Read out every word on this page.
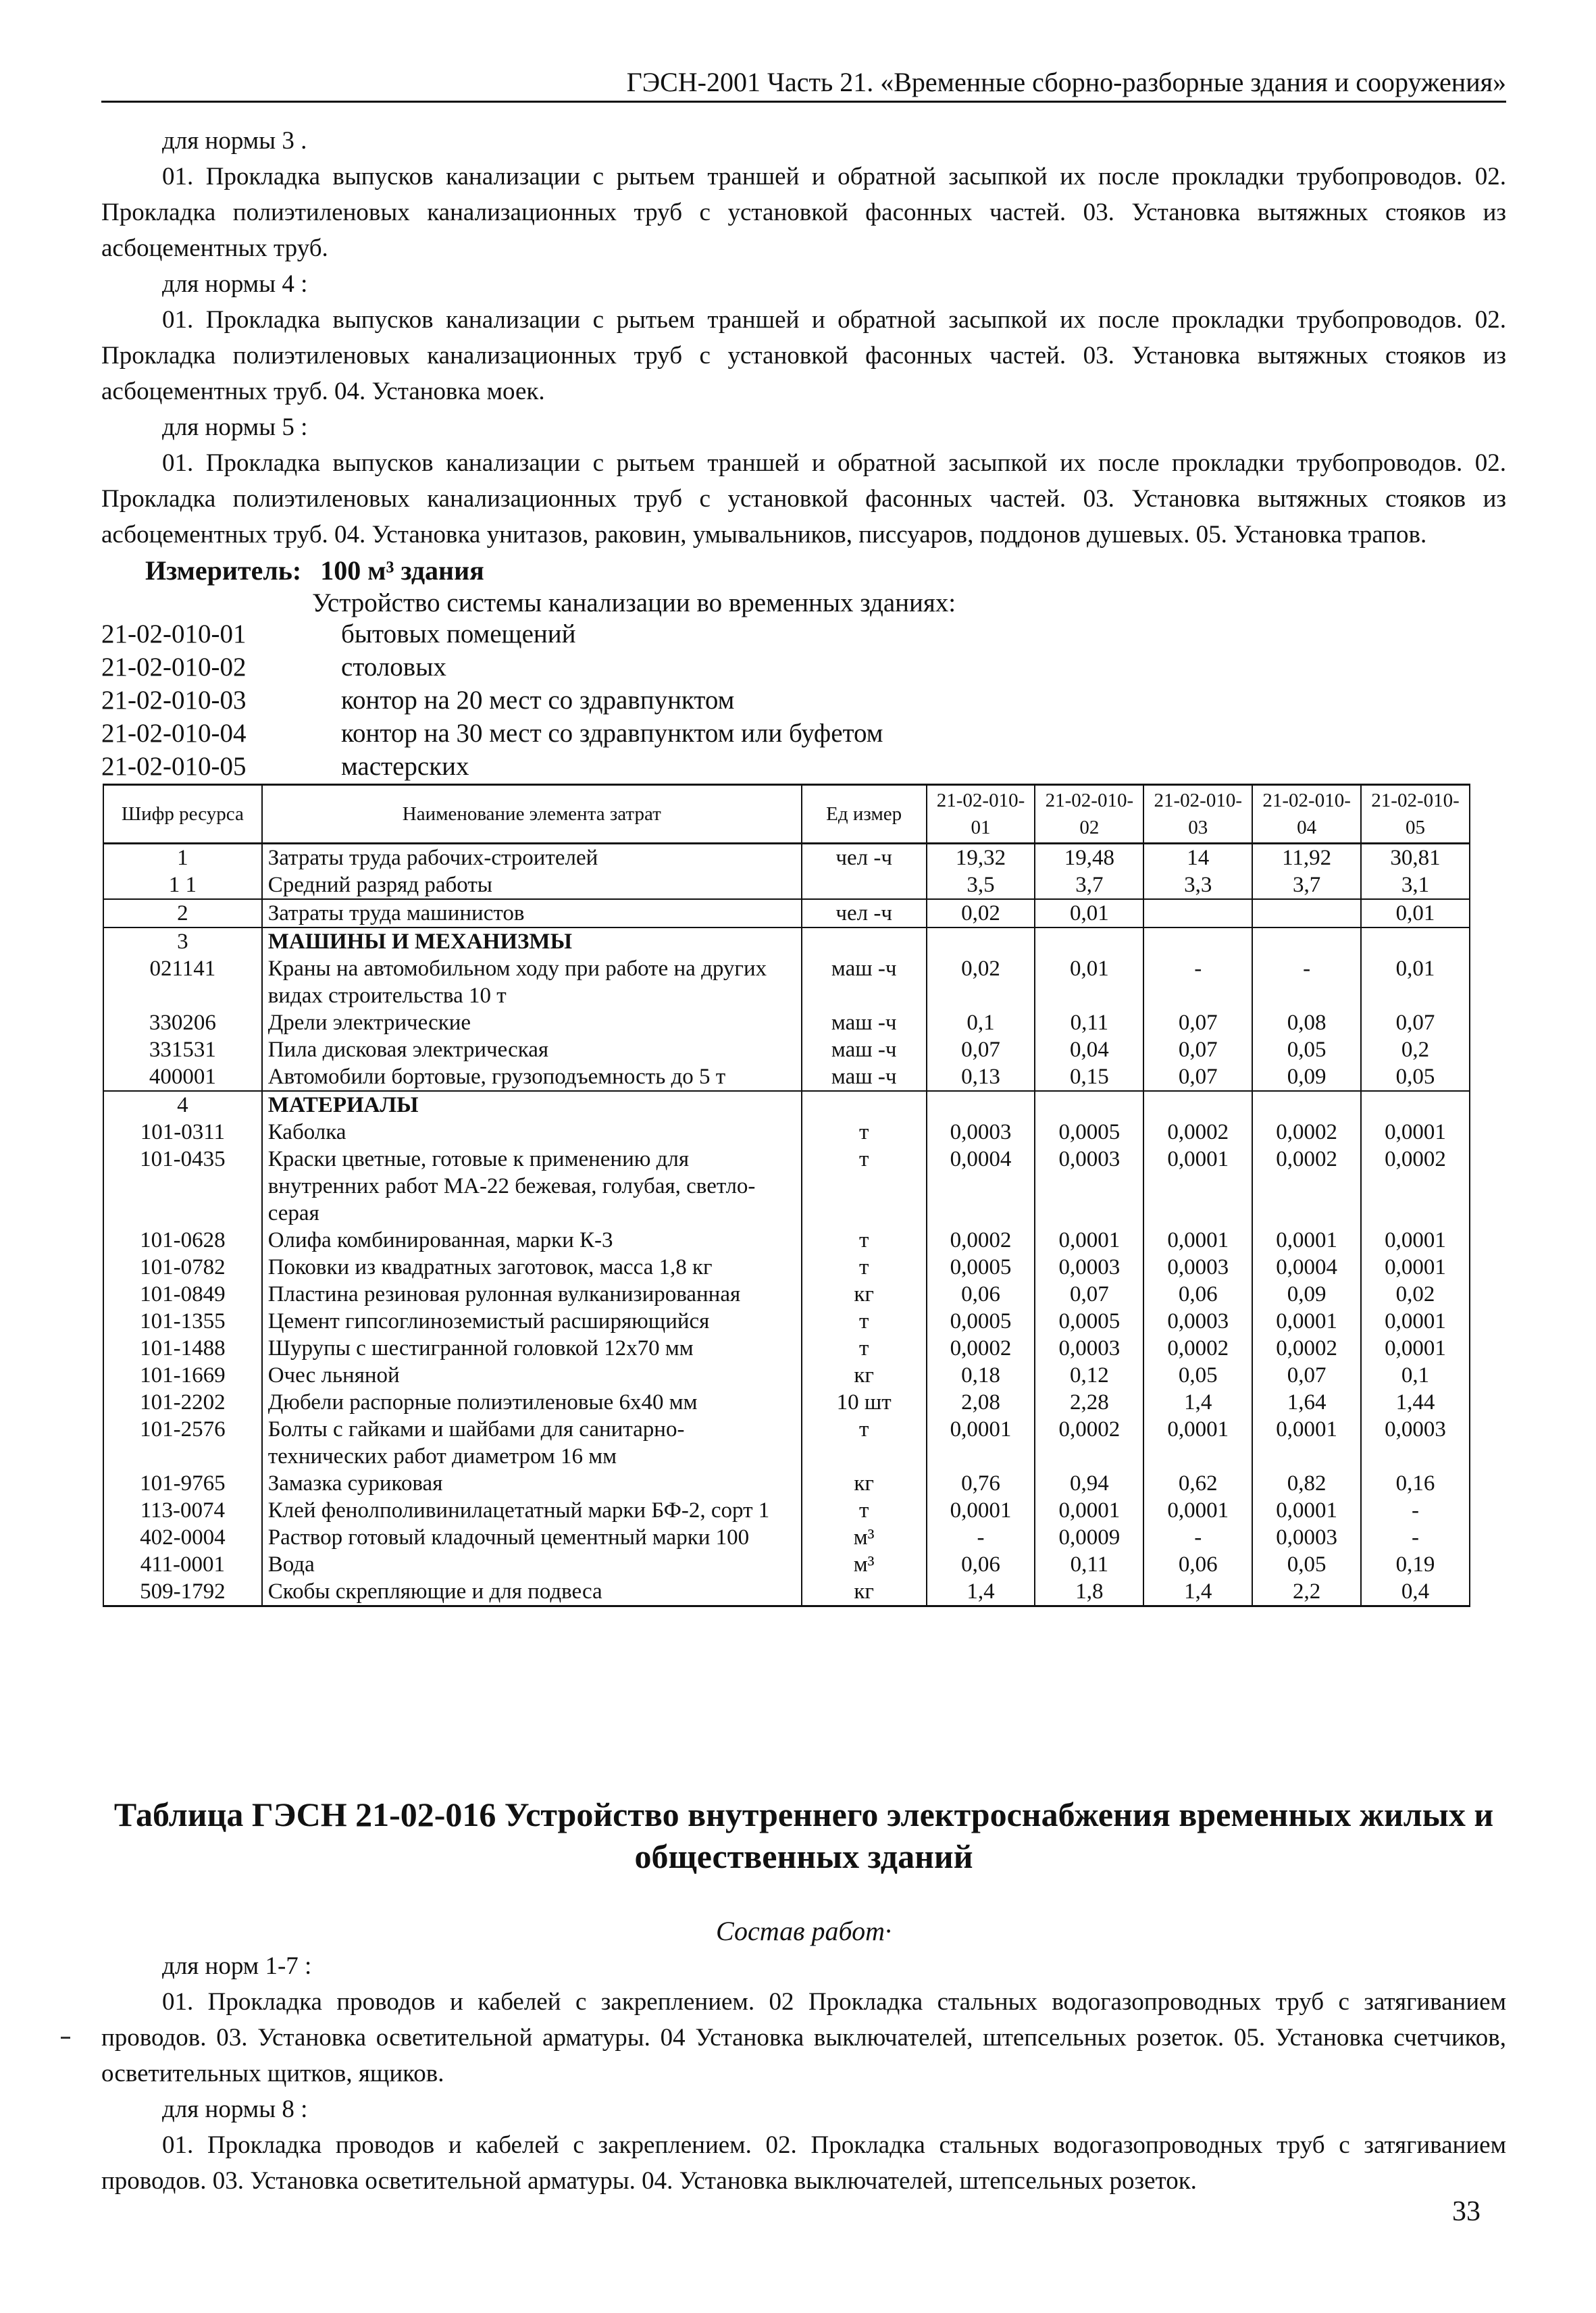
ГЭСН-2001 Часть 21. «Временные сборно-разборные здания и сооружения»
для нормы 3 .
01. Прокладка выпусков канализации с рытьем траншей и обратной засыпкой их после прокладки трубопроводов. 02. Прокладка полиэтиленовых канализационных труб с установкой фасонных частей. 03. Установка вытяжных стояков из асбоцементных труб.
для нормы 4 :
01. Прокладка выпусков канализации с рытьем траншей и обратной засыпкой их после прокладки трубопроводов. 02. Прокладка полиэтиленовых канализационных труб с установкой фасонных частей. 03. Установка вытяжных стояков из асбоцементных труб. 04. Установка моек.
для нормы 5 :
01. Прокладка выпусков канализации с рытьем траншей и обратной засыпкой их после прокладки трубопроводов. 02. Прокладка полиэтиленовых канализационных труб с установкой фасонных частей. 03. Установка вытяжных стояков из асбоцементных труб. 04. Установка унитазов, раковин, умывальников, писсуаров, поддонов душевых. 05. Установка трапов.
Измеритель: 100 м³ здания
Устройство системы канализации во временных зданиях:
21-02-010-01	бытовых помещений
21-02-010-02	столовых
21-02-010-03	контор на 20 мест со здравпунктом
21-02-010-04	контор на 30 мест со здравпунктом или буфетом
21-02-010-05	мастерских
Шифр ресурса	Наименование элемента затрат	Ед измер	21-02-010-01	21-02-010-02	21-02-010-03	21-02-010-04	21-02-010-05
1	Затраты труда рабочих-строителей	чел -ч	19,32	19,48	14	11,92	30,81
1 1	Средний разряд работы		3,5	3,7	3,3	3,7	3,1
2	Затраты труда машинистов	чел -ч	0,02	0,01			0,01
3	МАШИНЫ И МЕХАНИЗМЫ						
021141	Краны на автомобильном ходу при работе на других видах строительства 10 т	маш -ч	0,02	0,01	-	-	0,01
330206	Дрели электрические	маш -ч	0,1	0,11	0,07	0,08	0,07
331531	Пила дисковая электрическая	маш -ч	0,07	0,04	0,07	0,05	0,2
400001	Автомобили бортовые, грузоподъемность до 5 т	маш -ч	0,13	0,15	0,07	0,09	0,05
4	МАТЕРИАЛЫ						
101-0311	Каболка	т	0,0003	0,0005	0,0002	0,0002	0,0001
101-0435	Краски цветные, готовые к применению для внутренних работ МА-22 бежевая, голубая, светло-серая	т	0,0004	0,0003	0,0001	0,0002	0,0002
101-0628	Олифа комбинированная, марки К-3	т	0,0002	0,0001	0,0001	0,0001	0,0001
101-0782	Поковки из квадратных заготовок, масса 1,8 кг	т	0,0005	0,0003	0,0003	0,0004	0,0001
101-0849	Пластина резиновая рулонная вулканизированная	кг	0,06	0,07	0,06	0,09	0,02
101-1355	Цемент гипсоглиноземистый расширяющийся	т	0,0005	0,0005	0,0003	0,0001	0,0001
101-1488	Шурупы с шестигранной головкой 12х70 мм	т	0,0002	0,0003	0,0002	0,0002	0,0001
101-1669	Очес льняной	кг	0,18	0,12	0,05	0,07	0,1
101-2202	Дюбели распорные полиэтиленовые 6х40 мм	10 шт	2,08	2,28	1,4	1,64	1,44
101-2576	Болты с гайками и шайбами для санитарно-технических работ диаметром 16 мм	т	0,0001	0,0002	0,0001	0,0001	0,0003
101-9765	Замазка суриковая	кг	0,76	0,94	0,62	0,82	0,16
113-0074	Клей фенолполивинилацетатный марки БФ-2, сорт 1	т	0,0001	0,0001	0,0001	0,0001	-
402-0004	Раствор готовый кладочный цементный марки 100	м³	-	0,0009	-	0,0003	-
411-0001	Вода	м³	0,06	0,11	0,06	0,05	0,19
509-1792	Скобы скрепляющие и для подвеса	кг	1,4	1,8	1,4	2,2	0,4
Таблица ГЭСН 21-02-016 Устройство внутреннего электроснабжения временных жилых и общественных зданий
Состав работ·
для норм 1-7 :
01. Прокладка проводов и кабелей с закреплением. 02 Прокладка стальных водогазопроводных труб с затягиванием проводов. 03. Установка осветительной арматуры. 04 Установка выключателей, штепсельных розеток. 05. Установка счетчиков, осветительных щитков, ящиков.
для нормы 8 :
01. Прокладка проводов и кабелей с закреплением. 02. Прокладка стальных водогазопроводных труб с затягиванием проводов. 03. Установка осветительной арматуры. 04. Установка выключателей, штепсельных розеток.
33
